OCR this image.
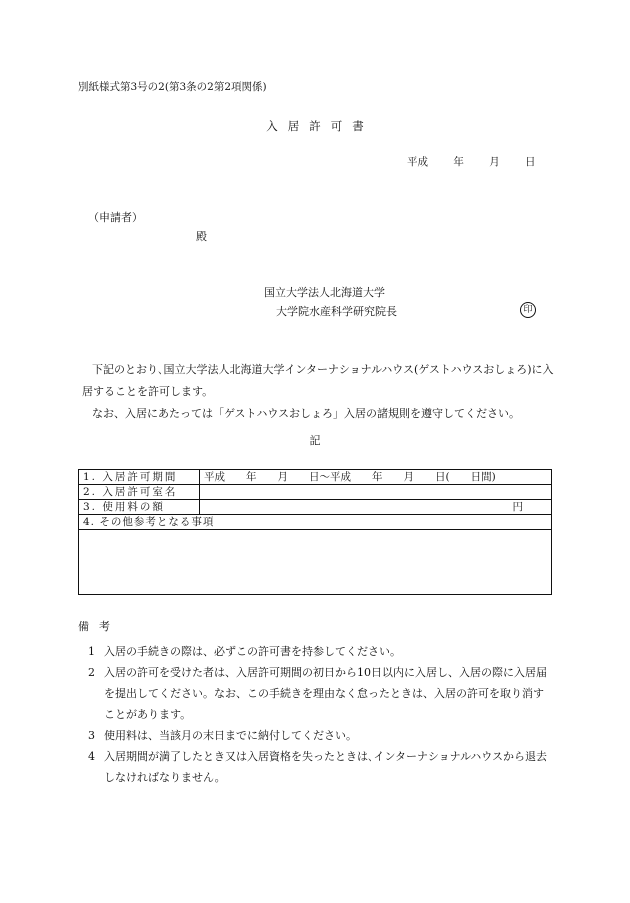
別紙様式第3号の2(第3条の2第2項関係)
入居許可書
平成 年 月 日
（申請者）
殿
国立大学法人北海道大学
大学院水産科学研究院長	印

下記のとおり､国立大学法人北海道大学インターナショナルハウス(ゲストハウスおしょろ)に入居することを許可します。

なお、入居にあたっては「ゲストハウスおしょろ」入居の諸規則を遵守してください。

記
1. 入居許可期間	平成　　年　　月　　日～平成　　年　　月　　日(　　日間)
2. 入居許可室名	
3. 使用料の額	円
4. その他参考となる事項	

備考
1 入居の手続きの際は、必ずこの許可書を持参してください。
2 入居の許可を受けた者は、入居許可期間の初日から10日以内に入居し、入居の際に入居届を提出してください。なお、この手続きを理由なく怠ったときは、入居の許可を取り消すことがあります。
3 使用料は、当該月の末日までに納付してください。
4 入居期間が満了したとき又は入居資格を失ったときは､インターナショナルハウスから退去しなければなりません。
